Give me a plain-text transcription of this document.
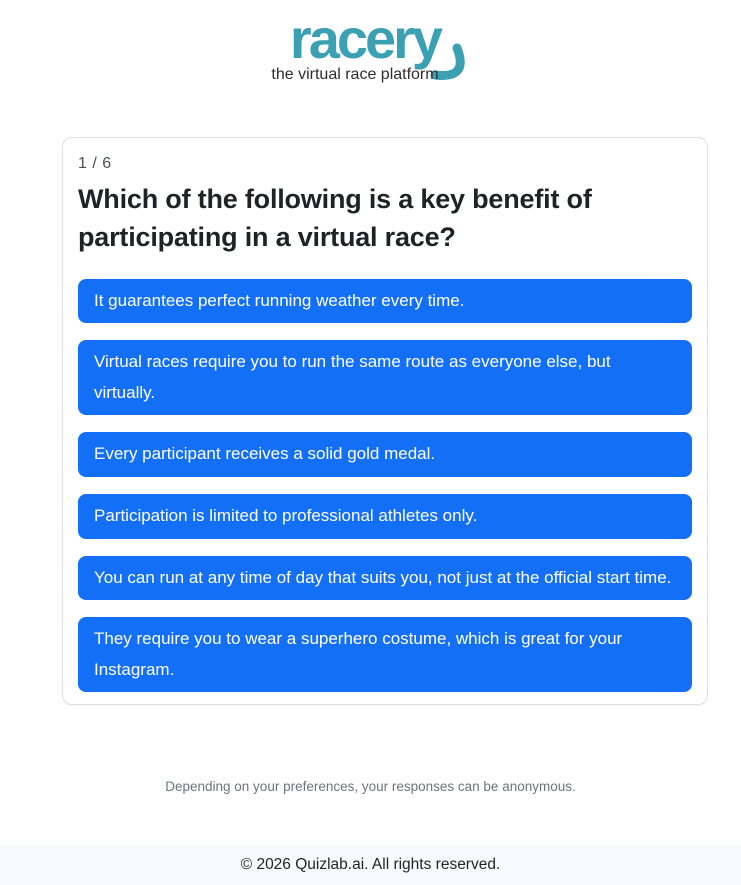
racery
the virtual race platform
1 / 6
Which of the following is a key benefit of participating in a virtual race?
It guarantees perfect running weather every time.
Virtual races require you to run the same route as everyone else, but virtually.
Every participant receives a solid gold medal.
Participation is limited to professional athletes only.
You can run at any time of day that suits you, not just at the official start time.
They require you to wear a superhero costume, which is great for your Instagram.

Depending on your preferences, your responses can be anonymous.

© 2026 Quizlab.ai. All rights reserved.
